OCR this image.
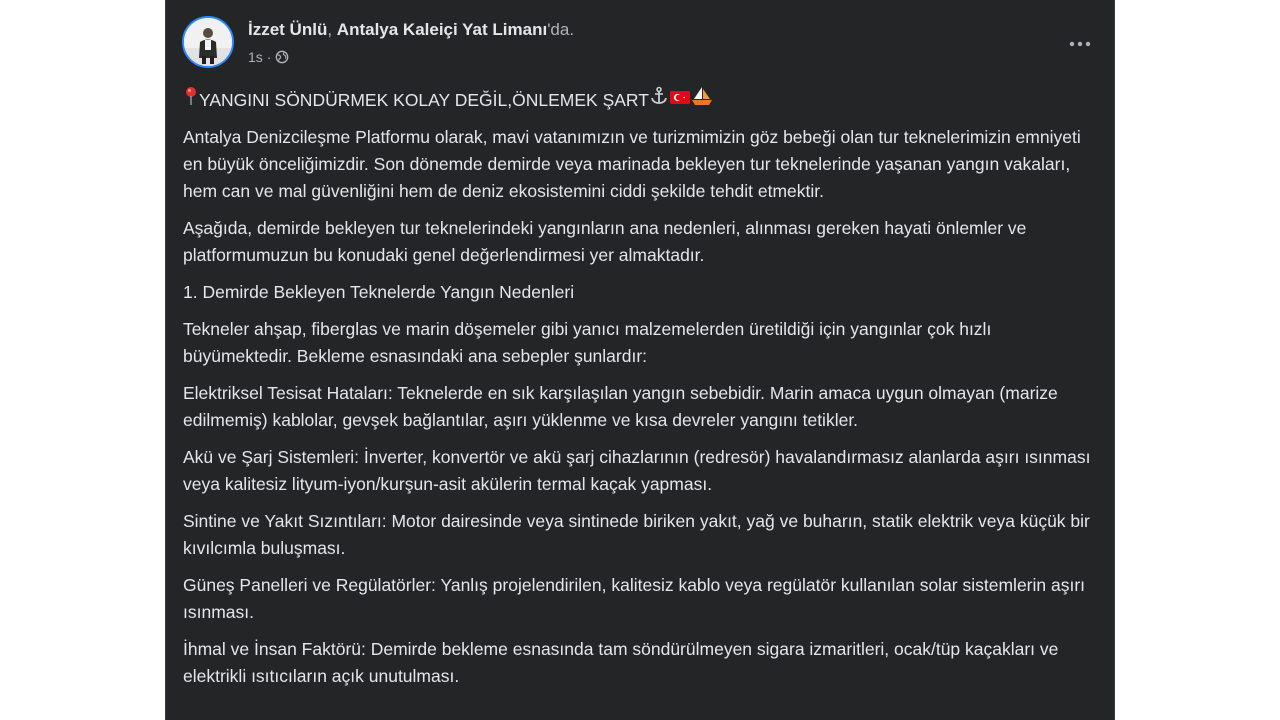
İzzet Ünlü, Antalya Kaleiçi Yat Limanı'da.
1s ·

YANGINI SÖNDÜRMEK KOLAY DEĞİL,ÖNLEMEK ŞART

Antalya Denizcileşme Platformu olarak, mavi vatanımızın ve turizmimizin göz bebeği olan tur teknelerimizin emniyeti en büyük önceliğimizdir. Son dönemde demirde veya marinada bekleyen tur teknelerinde yaşanan yangın vakaları, hem can ve mal güvenliğini hem de deniz ekosistemini ciddi şekilde tehdit etmektir.

Aşağıda, demirde bekleyen tur teknelerindeki yangınların ana nedenleri, alınması gereken hayati önlemler ve platformumuzun bu konudaki genel değerlendirmesi yer almaktadır.

1. Demirde Bekleyen Teknelerde Yangın Nedenleri

Tekneler ahşap, fiberglas ve marin döşemeler gibi yanıcı malzemelerden üretildiği için yangınlar çok hızlı büyümektedir. Bekleme esnasındaki ana sebepler şunlardır:

Elektriksel Tesisat Hataları: Teknelerde en sık karşılaşılan yangın sebebidir. Marin amaca uygun olmayan (marize edilmemiş) kablolar, gevşek bağlantılar, aşırı yüklenme ve kısa devreler yangını tetikler.

Akü ve Şarj Sistemleri: İnverter, konvertör ve akü şarj cihazlarının (redresör) havalandırmasız alanlarda aşırı ısınması veya kalitesiz lityum-iyon/kurşun-asit akülerin termal kaçak yapması.

Sintine ve Yakıt Sızıntıları: Motor dairesinde veya sintinede biriken yakıt, yağ ve buharın, statik elektrik veya küçük bir kıvılcımla buluşması.

Güneş Panelleri ve Regülatörler: Yanlış projelendirilen, kalitesiz kablo veya regülatör kullanılan solar sistemlerin aşırı ısınması.

İhmal ve İnsan Faktörü: Demirde bekleme esnasında tam söndürülmeyen sigara izmaritleri, ocak/tüp kaçakları ve elektrikli ısıtıcıların açık unutulması.
